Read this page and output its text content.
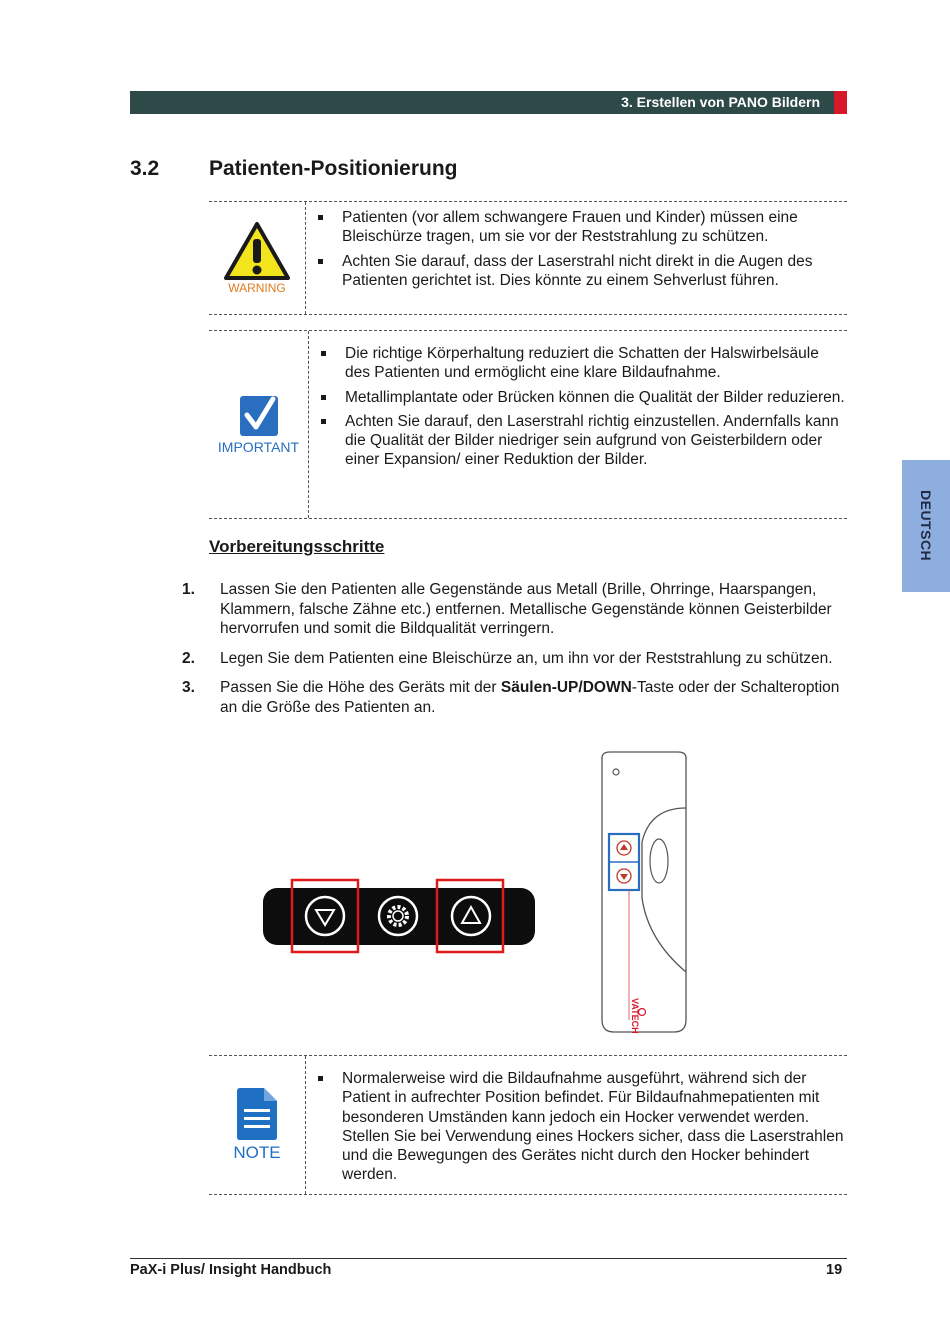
3. Erstellen von PANO Bildern
DEUTSCH
3.2 Patienten-Positionierung
WARNING
Patienten (vor allem schwangere Frauen und Kinder) müssen eine Bleischürze tragen, um sie vor der Reststrahlung zu schützen.
Achten Sie darauf, dass der Laserstrahl nicht direkt in die Augen des Patienten gerichtet ist. Dies könnte zu einem Sehverlust führen.
IMPORTANT
Die richtige Körperhaltung reduziert die Schatten der Halswirbelsäule des Patienten und ermöglicht eine klare Bildaufnahme.
Metallimplantate oder Brücken können die Qualität der Bilder reduzieren.
Achten Sie darauf, den Laserstrahl richtig einzustellen. Andernfalls kann die Qualität der Bilder niedriger sein aufgrund von Geisterbildern oder einer Expansion/ einer Reduktion der Bilder.
Vorbereitungsschritte
1. Lassen Sie den Patienten alle Gegenstände aus Metall (Brille, Ohrringe, Haarspangen, Klammern, falsche Zähne etc.) entfernen. Metallische Gegenstände können Geisterbilder hervorrufen und somit die Bildqualität verringern.
2. Legen Sie dem Patienten eine Bleischürze an, um ihn vor der Reststrahlung zu schützen.
3. Passen Sie die Höhe des Geräts mit der Säulen-UP/DOWN-Taste oder der Schalteroption an die Größe des Patienten an.
VATECH
NOTE
Normalerweise wird die Bildaufnahme ausgeführt, während sich der Patient in aufrechter Position befindet. Für Bildaufnahmepatienten mit besonderen Umständen kann jedoch ein Hocker verwendet werden. Stellen Sie bei Verwendung eines Hockers sicher, dass die Laserstrahlen und die Bewegungen des Gerätes nicht durch den Hocker behindert werden.
PaX-i Plus/ Insight Handbuch	19
